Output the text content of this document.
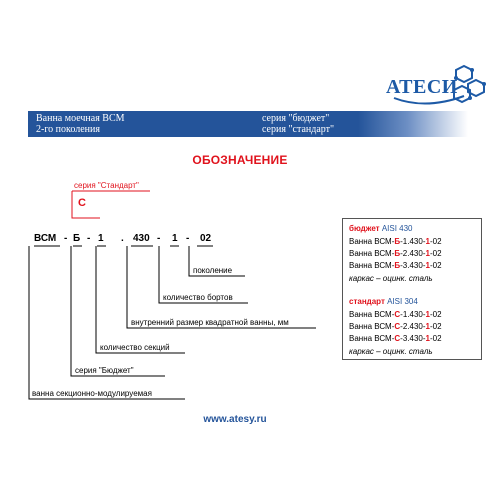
АТЕСИ
Ванна моечная ВСМ
2-го поколения
серия "бюджет"
серия "стандарт"
ОБОЗНАЧЕНИЕ
серия "Стандарт"
С
ВСМ - Б - 1 . 430 - 1 - 02
поколение
количество бортов
внутренний размер квадратной ванны, мм
количество секций
серия "Бюджет"
ванна секционно-модулируемая
бюджет AISI 430
Ванна ВСМ-Б-1.430-1-02
Ванна ВСМ-Б-2.430-1-02
Ванна ВСМ-Б-3.430-1-02
каркас – оцинк. сталь
стандарт AISI 304
Ванна ВСМ-С-1.430-1-02
Ванна ВСМ-С-2.430-1-02
Ванна ВСМ-С-3.430-1-02
каркас – оцинк. сталь
www.atesy.ru
